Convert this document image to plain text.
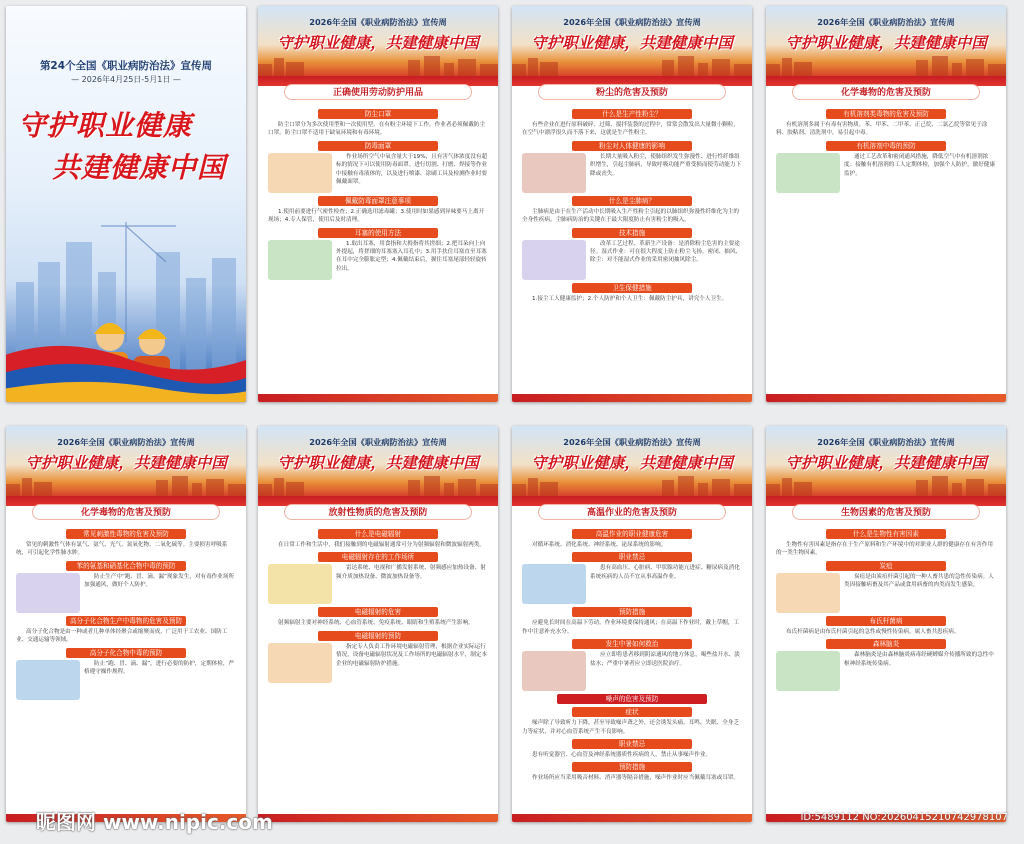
第24个全国《职业病防治法》宣传周
— 2026年4月25日-5月1日 —
守护职业健康
共建健康中国
2026年全国《职业病防治法》宣传周
守护职业健康，共建健康中国
正确使用劳动防护用品
防尘口罩

防尘口罩分为多次使用型和一次使用型。在有粉尘环境下工作，作业者必须佩戴防尘口罩。防尘口罩不适用于缺氧环境和有毒环境。

防毒面罩

作业场所空气中氧含量大于19%，且有害气体浓度没有超标的情况下可以使用防毒面罩。进行切割、打磨、焊接等作业中接触有毒液体的，以及进行喷漆、涂刷工具及检测作业时要佩戴面罩。

佩戴防毒面罩注意事项

1.使用前要进行气密性检查；2.正确选用滤毒罐；3.使用时如果感到异味要马上离开现场；4.专人保管，使用后及时清理。

耳塞的使用方法

1.取出耳塞，用食指和大拇指将其搓细；2.把耳朵向上向外提起，将搓细的耳塞塞入耳孔中；3.用手扶住耳塞直至耳塞在耳中完全膨胀定型；4.佩戴结束后，握住耳塞尾部轻轻旋转拉出。

2026年全国《职业病防治法》宣传周
守护职业健康，共建健康中国
粉尘的危害及预防
什么是生产性粉尘？

有些企业在进行原料破碎、过筛、搅拌装袋的过程中，常常会散发出大量微小颗粒，在空气中漂浮很久而不落下来，这就是生产性粉尘。

粉尘对人体健康的影响

长期大量吸入粉尘，使肺组织发生弥漫性、进行性纤维组织增生，引起尘肺病，导致呼吸功能严重受损而使劳动能力下降或丧失。

什么是尘肺病？

尘肺病是由于在生产活动中长期吸入生产性粉尘引起的以肺组织弥漫性纤维化为主的全身性疾病。尘肺病防治的关键在于最大限度防止有害粉尘的吸入。

技术措施

改革工艺过程、革新生产设备：是消除粉尘危害的主要途径。湿式作业：可在很大程度上防止粉尘飞扬。密闭、抽风、除尘：对不能湿式作业的采用密闭抽风除尘。

卫生保健措施

1.接尘工人健康监护；2.个人防护和个人卫生：佩戴防尘护具，讲究个人卫生。

2026年全国《职业病防治法》宣传周
守护职业健康，共建健康中国
化学毒物的危害及预防
有机溶剂类毒物的危害及预防

有机溶剂多属于有毒有害物质。苯、甲苯、二甲苯、正己烷、二氯乙烷等常见于涂料、胶粘剂、清洗剂中，易引起中毒。

有机溶剂中毒的预防

通过工艺改革和密闭通风措施，降低空气中有机溶剂浓度；接触有机溶剂的工人定期体检，加强个人防护，做好健康监护。

2026年全国《职业病防治法》宣传周
守护职业健康，共建健康中国
化学毒物的危害及预防
常见刺激性毒物的危害及预防

常见的刺激性气体有氯气、氨气、光气、氮氧化物、二氧化硫等。主要损害呼吸系统，可引起化学性肺水肿。

苯的氨基和硝基化合物中毒的预防

防止生产中“跑、冒、滴、漏”现象发生，对有毒作业场所加强通风，做好个人防护。

高分子化合物生产中毒物的危害及预防

高分子化合物是由一种或者几种单体经聚合或缩聚而成，广泛用于工农业、国防工业、交通运输等领域。

高分子化合物中毒的预防

防止“跑、冒、滴、漏”，进行必要的防护，定期体检，严格遵守操作规程。

2026年全国《职业病防治法》宣传周
守护职业健康，共建健康中国
放射性物质的危害及预防
什么是电磁辐射

在日常工作和生活中，我们接触到的电磁辐射通常可分为射频辐射和微波辐射两类。

电磁辐射存在的工作场所

雷达系统、电视和广播发射系统、射频感应加热设备、射频介质加热设备、微波加热设备等。

电磁辐射的危害

射频辐射主要对神经系统、心血管系统、免疫系统、眼睛和生殖系统产生影响。

电磁辐射的预防

指定专人负责工作环境电磁辐射管理，根据企业实际运行情况，设备电磁辐射状况及工作场所的电磁辐射水平，制定本企业的电磁辐射防护措施。

2026年全国《职业病防治法》宣传周
守护职业健康，共建健康中国
高温作业的危害及预防
高温作业的职业健康危害

对循环系统、消化系统、神经系统、泌尿系统的影响。

职业禁忌

患有高血压、心脏病、甲状腺功能亢进症、糖尿病及消化系统疾病的人员不宜从事高温作业。

预防措施

应避免长时间在高温下劳动，作业环境要保持通风；在高温下作业时，戴上草帽，工作中注意补充水分。

发生中暑如何救治

应立即将患者移到阴凉通风的地方休息，喝些盐开水、淡盐水；严重中暑者应立即送医院治疗。

噪声的危害及预防
症状

噪声除了导致听力下降，甚至导致噪声聋之外，还会诱发头痛、耳鸣、失眠、全身乏力等症状，并对心血管系统产生不良影响。

职业禁忌

患有听觉器官、心血管及神经系统器质性疾病的人，禁止从事噪声作业。

预防措施

作业场所应当采用吸音材料、消声器等隔音措施，噪声作业时应当佩戴耳塞或耳罩。

2026年全国《职业病防治法》宣传周
守护职业健康，共建健康中国
生物因素的危害及预防
什么是生物性有害因素

生物性有害因素是指存在于生产原料和生产环境中的对职业人群的健康存在有害作用的一类生物因素。

炭疽

炭疽是由炭疽杆菌引起的一种人畜共患的急性传染病。人类因接触病畜及其产品或食用病畜的肉类而发生感染。

布氏杆菌病

布氏杆菌病是由布氏杆菌引起的急性或慢性传染病，属人畜共患疾病。

森林脑炎

森林脑炎是由森林脑炎病毒经硬蜱媒介传播所致的急性中枢神经系统传染病。

昵图网 www.nipic.com	ID:5489112 NO:20260415210742978107
